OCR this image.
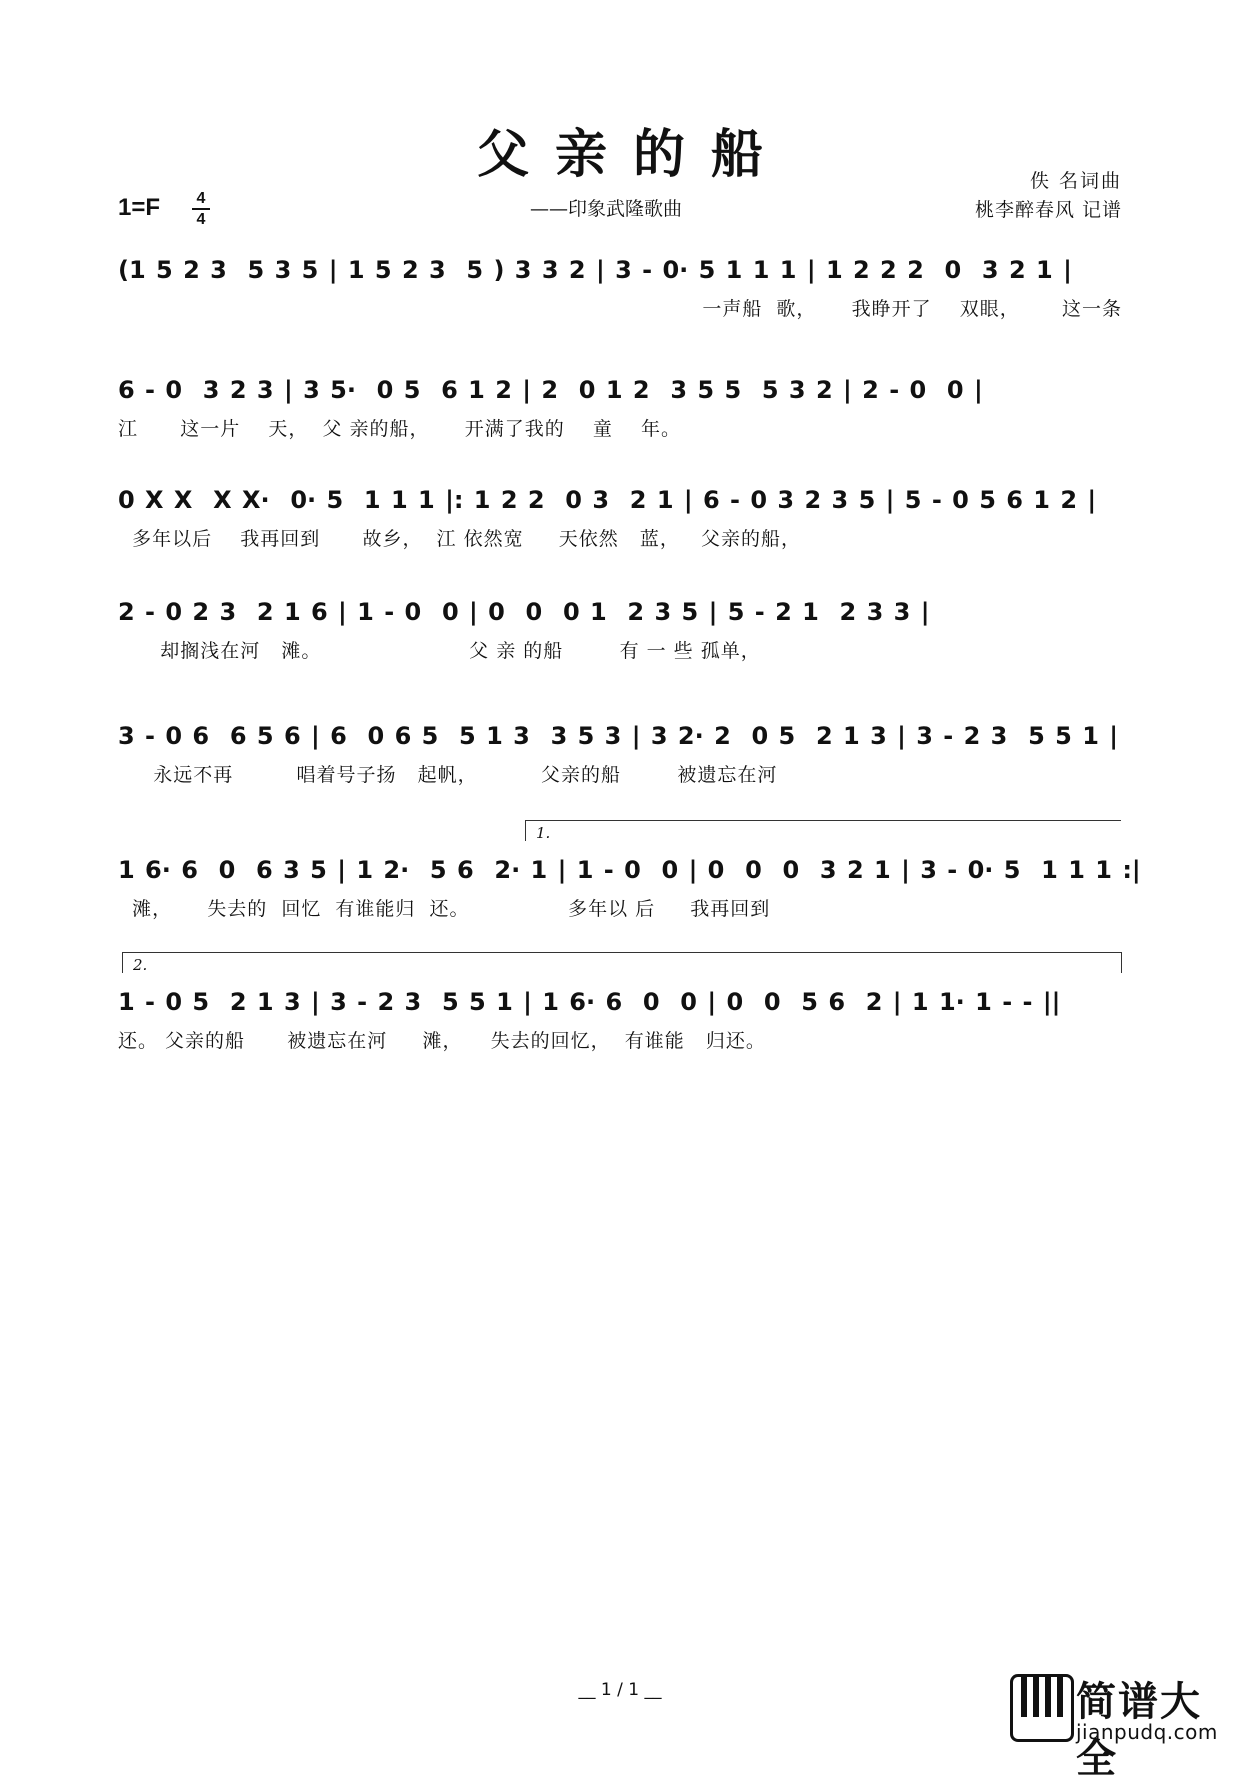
父亲的船	佚 名词曲
——印象武隆歌曲	桃李醉春风 记谱
1=F 4
4
(1 5 2 3  5 3 5 | 1 5 2 3  5 ) 3 3 2 | 3 - 0· 5 1 1 1 | 1 2 2 2  0  3 2 1 |
一声船  歌，     我睁开了    双眼，      这一条
6 - 0  3 2 3 | 3 5·  0 5  6 1 2 | 2  0 1 2  3 5 5  5 3 2 | 2 - 0  0 |
江      这一片    天，  父 亲的船，     开满了我的    童    年。
0 X X  X X·  0· 5  1 1 1 |: 1 2 2  0 3  2 1 | 6 - 0 3 2 3 5 | 5 - 0 5 6 1 2 |
多年以后    我再回到      故乡，  江 依然宽     天依然   蓝，   父亲的船，
2 - 0 2 3  2 1 6 | 1 - 0  0 | 0  0  0 1  2 3 5 | 5 - 2 1  2 3 3 |
却搁浅在河   滩。                     父 亲 的船        有 一 些 孤单，
3 - 0 6  6 5 6 | 6  0 6 5  5 1 3  3 5 3 | 3 2· 2  0 5  2 1 3 | 3 - 2 3  5 5 1 |
永远不再         唱着号子扬   起帆，         父亲的船        被遗忘在河
1.
1 6· 6  0  6 3 5 | 1 2·  5 6  2· 1 | 1 - 0  0 | 0  0  0  3 2 1 | 3 - 0· 5  1 1 1 :|
滩，     失去的  回忆  有谁能归  还。              多年以 后     我再回到
2.
1 - 0 5  2 1 3 | 3 - 2 3  5 5 1 | 1 6· 6  0  0 | 0  0  5 6  2 | 1 1· 1 - - ||
还。 父亲的船      被遗忘在河     滩，    失去的回忆，  有谁能   归还。
__ 1 / 1 __	简谱大全
jianpudq.com
